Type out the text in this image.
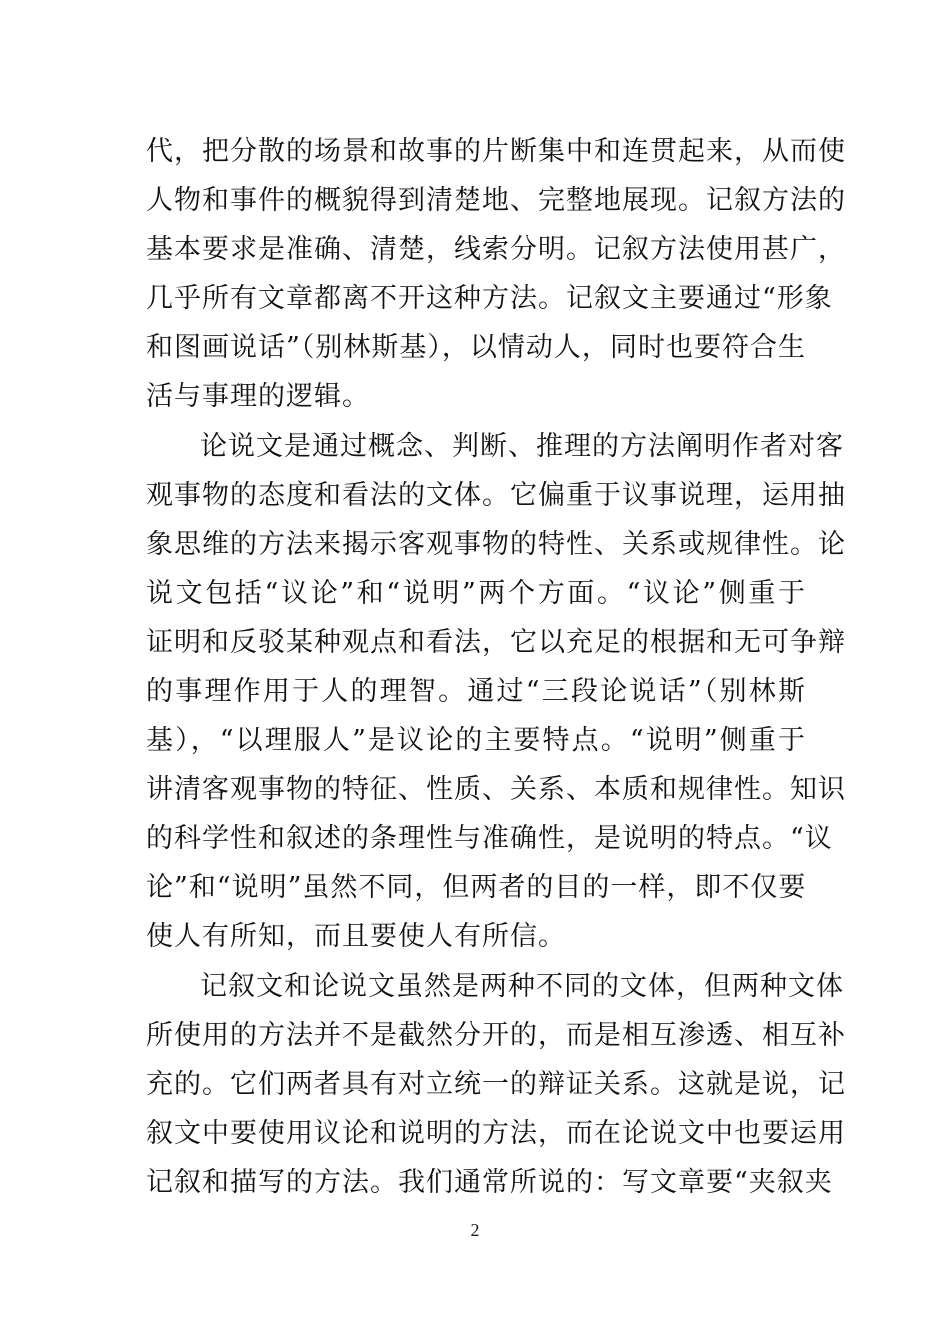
代，把分散的场景和故事的片断集中和连贯起来，从而使
人物和事件的概貌得到清楚地、完整地展现。记叙方法的
基本要求是准确、清楚，线索分明。记叙方法使用甚广，
几乎所有文章都离不开这种方法。记叙文主要通过“形象
和图画说话”（别林斯基），以情动人，同时也要符合生
活与事理的逻辑。
论说文是通过概念、判断、推理的方法阐明作者对客
观事物的态度和看法的文体。它偏重于议事说理，运用抽
象思维的方法来揭示客观事物的特性、关系或规律性。论
说文包括“议论”和“说明”两个方面。“议论”侧重于
证明和反驳某种观点和看法，它以充足的根据和无可争辩
的事理作用于人的理智。通过“三段论说话”（别林斯
基），“以理服人”是议论的主要特点。“说明”侧重于
讲清客观事物的特征、性质、关系、本质和规律性。知识
的科学性和叙述的条理性与准确性，是说明的特点。“议
论”和“说明”虽然不同，但两者的目的一样，即不仅要
使人有所知，而且要使人有所信。
记叙文和论说文虽然是两种不同的文体，但两种文体
所使用的方法并不是截然分开的，而是相互渗透、相互补
充的。它们两者具有对立统一的辩证关系。这就是说，记
叙文中要使用议论和说明的方法，而在论说文中也要运用
记叙和描写的方法。我们通常所说的：写文章要“夹叙夹
2
